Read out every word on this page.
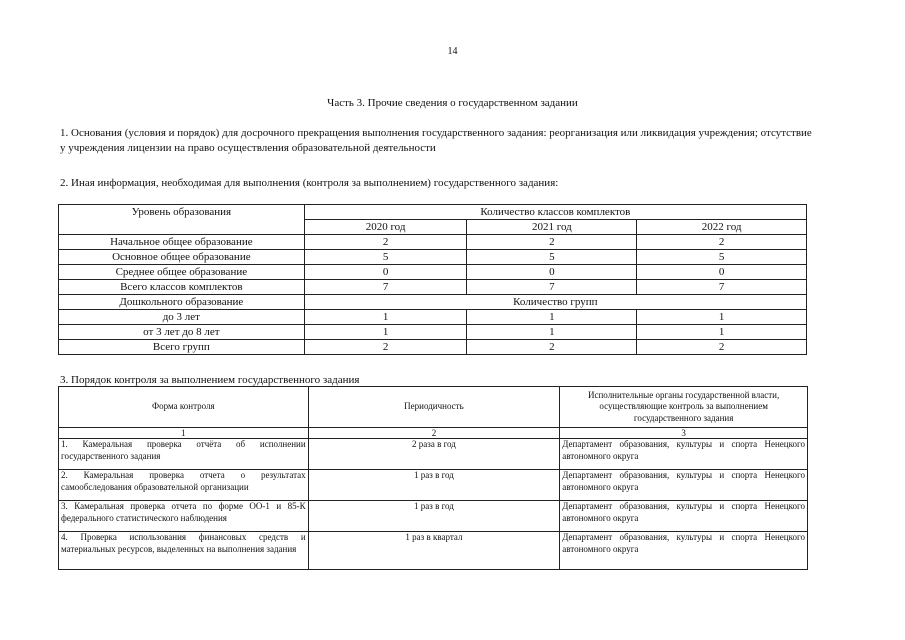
14
Часть 3. Прочие сведения о государственном задании
1. Основания (условия и порядок) для досрочного прекращения выполнения государственного задания: реорганизация или ликвидация учреждения; отсутствие у учреждения лицензии на право осуществления образовательной деятельности
2. Иная информация, необходимая для выполнения (контроля за выполнением) государственного задания:
Уровень образования	Количество классов комплектов		
	2020 год	2021 год	2022 год
Начальное общее образование	2	2	2
Основное общее образование	5	5	5
Среднее общее образование	0	0	0
Всего классов комплектов	7	7	7
Дошкольного образование	Количество групп		
до 3 лет	1	1	1
от 3 лет до 8 лет	1	1	1
Всего групп	2	2	2
3. Порядок контроля за выполнением государственного задания
Форма контроля	Периодичность	Исполнительные органы государственной власти, осуществляющие контроль за выполнением государственного задания
1	2	3
1. Камеральная проверка отчёта об исполнении государственного задания	2 раза в год	Департамент образования, культуры и спорта Ненецкого автономного округа
2. Камеральная проверка отчета о результатах самообследования образовательной организации	1 раз в год	Департамент образования, культуры и спорта Ненецкого автономного округа
3. Камеральная проверка отчета по форме ОО-1 и 85-К федерального статистического наблюдения	1 раз в год	Департамент образования, культуры и спорта Ненецкого автономного округа
4. Проверка использования финансовых средств и материальных ресурсов, выделенных на выполнения задания	1 раз в квартал	Департамент образования, культуры и спорта Ненецкого автономного округа
